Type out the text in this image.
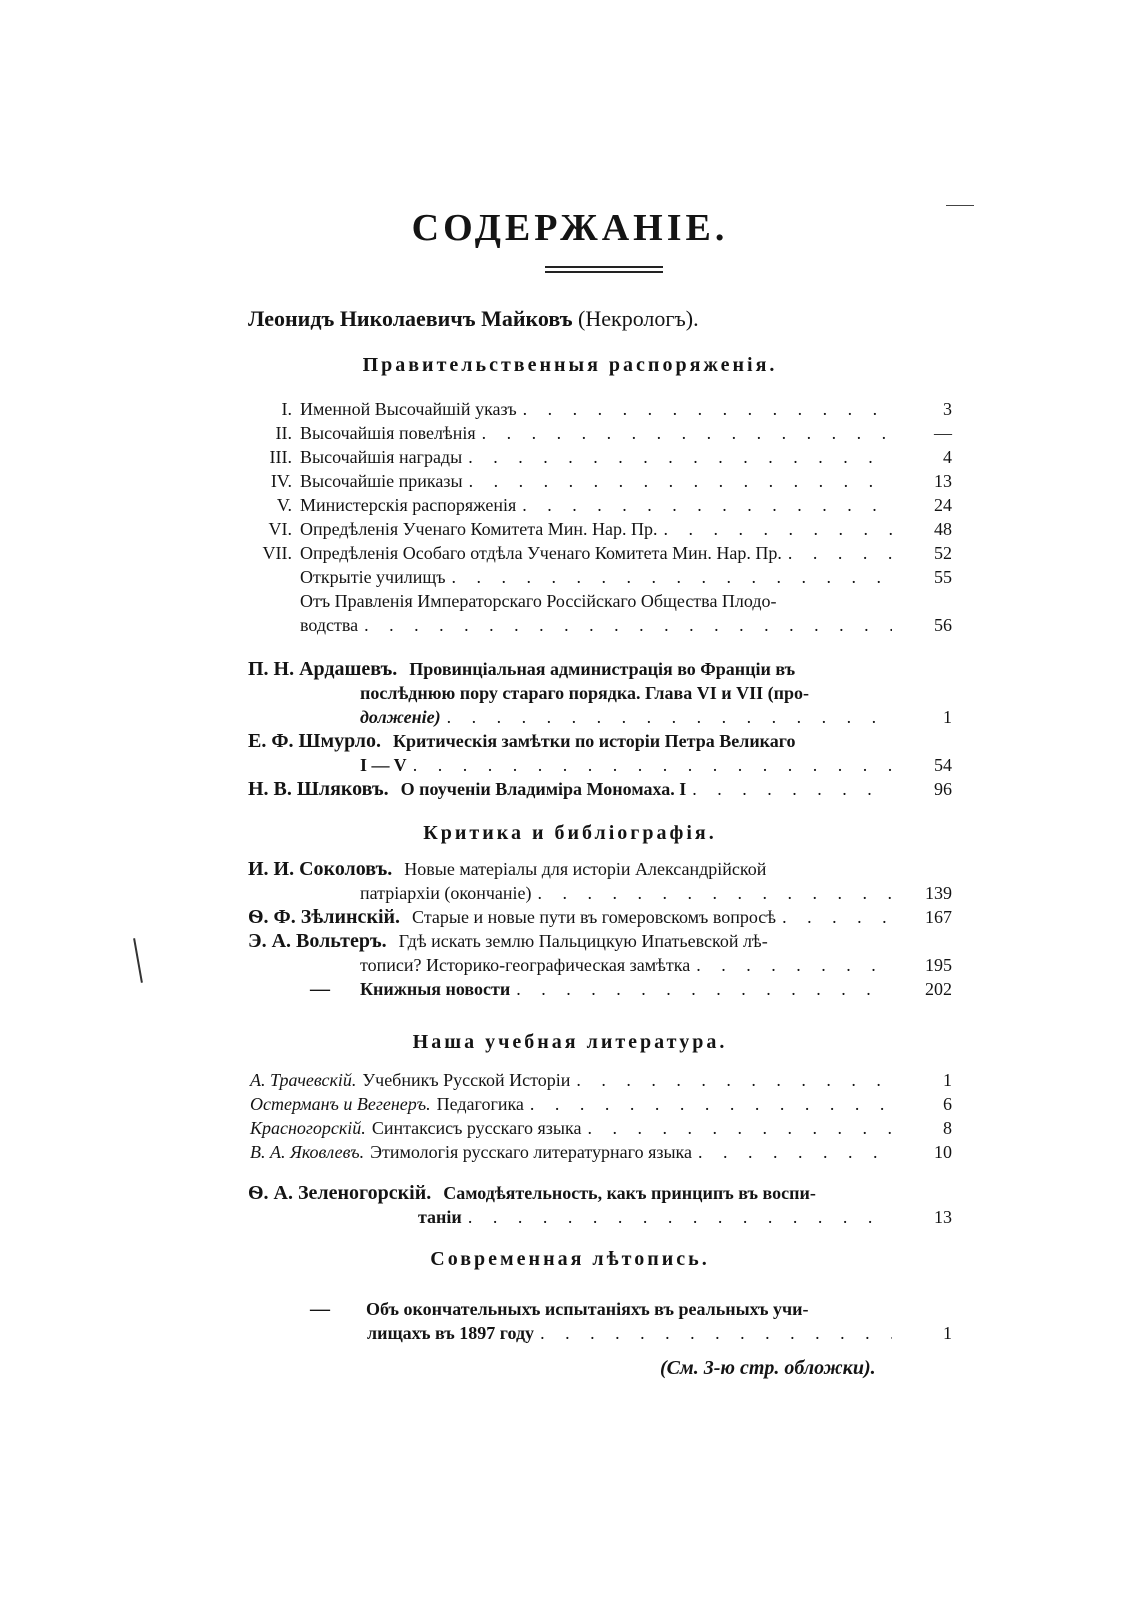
СОДЕРЖАНІЕ.
Леонидъ Николаевичъ Майковъ (Некрологъ).
Правительственныя распоряженія.
I. Именной Высочайшій указъ . . .	3
II. Высочайшія повелѣнія . . .	—
III. Высочайшія награды . . .	4
IV. Высочайшіе приказы . . .	13
V. Министерскія распоряженія . . .	24
VI. Опредѣленія Ученаго Комитета Мин. Нар. Пр. . . .	48
VII. Опредѣленія Особаго отдѣла Ученаго Комитета Мин. Нар. Пр. . . .	52
Открытіе училищъ . . .	55
Отъ Правленія Императорскаго Россійскаго Общества Плодо-
водства . . .	56
П. Н. Ардашевъ. Провинціальная администрація во Франціи въ
послѣднюю пору стараго порядка. Глава VI и VII (про-
долженіе) . . .	1
Е. Ф. Шмурло. Критическія замѣтки по исторіи Петра Великаго
I — V . . .	54
Н. В. Шляковъ. О поученіи Владиміра Мономаха. I . . .	96
Критика и библіографія.
И. И. Соколовъ. Новые матеріалы для исторіи Александрійской
патріархіи (окончаніе) . . .	139
Ѳ. Ф. Зѣлинскій. Старые и новые пути въ гомеровскомъ вопросѣ . . .	167
Э. А. Вольтеръ. Гдѣ искать землю Пальцицкую Ипатьевской лѣ-
тописи? Историко-географическая замѣтка . . .	195
— Книжныя новости . . .	202
Наша учебная литература.
А. Трачевскій. Учебникъ Русской Исторіи . . .	1
Остерманъ и Вегенеръ. Педагогика . . .	6
Красногорскій. Синтаксисъ русскаго языка . . .	8
В. А. Яковлевъ. Этимологія русскаго литературнаго языка . . .	10
Ѳ. А. Зеленогорскій. Самодѣятельность, какъ принципъ въ воспи-
таніи . . .	13
Современная лѣтопись.
— Объ окончательныхъ испытаніяхъ въ реальныхъ учи-
лищахъ въ 1897 году . . .	1
(См. 3-ю стр. обложки).
